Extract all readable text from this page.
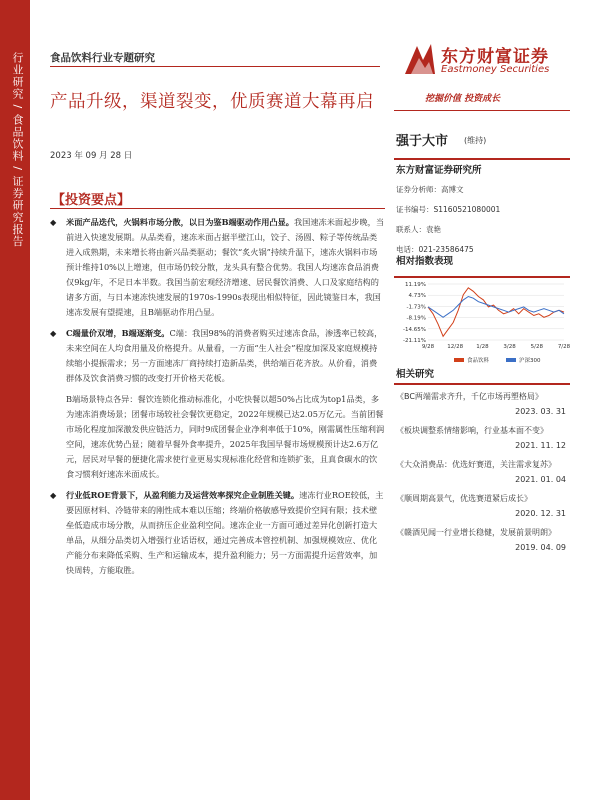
行业研究 / 食品饮料 / 证券研究报告 食品饮料行业专题研究
产品升级，渠道裂变，优质赛道大幕再启
2023 年 09 月 28 日
【投资要点】
◆	米面产品迭代，火锅料市场分散，以日为鉴B端驱动作用凸显。我国速冻米面起步晚，当前进入快速发展期。从品类看，速冻米面占据半壁江山，饺子、汤圆、粽子等传统品类进入成熟期，未来增长将由新兴品类驱动；餐饮“炙火锅”持续升温下，速冻火锅料市场预计维持10%以上增速，但市场仍较分散，龙头具有整合优势。我国人均速冻食品消费仅9kg/年，不足日本半数。我国当前宏观经济增速、居民餐饮消费、人口及家庭结构的诸多方面，与日本速冻快速发展的1970s-1990s表现出相似特征，因此镜鉴日本，我国速冻发展有望提速，且B端驱动作用凸显。
◆	C端量价双增，B端逐渐变。C端：我国98%的消费者购买过速冻食品，渗透率已较高，未来空间在人均食用量及价格提升。从量看，一方面“生人社会”程度加深及家庭规模持续缩小提振需求；另一方面速冻厂商持续打造新品类，供给端百花齐放。从价看，消费群体及饮食消费习惯的改变打开价格天花板。
B端场景特点各异：餐饮连锁化推动标准化，小吃快餐以超50%占比成为top1品类，多为速冻消费场景；团餐市场较社会餐饮更稳定，2022年规模已达2.05万亿元。当前团餐市场化程度加深激发供应链活力，同时9成团餐企业净利率低于10%，刚需属性压缩利润空间，速冻优势凸显；随着早餐外食率提升，2025年我国早餐市场规模预计达2.6万亿元，居民对早餐的便捷化需求使行业更易实现标准化经营和连锁扩张，且真食碳水的饮食习惯利好速冻米面成长。
◆	行业低ROE背景下，从盈利能力及运营效率探究企业制胜关键。速冻行业ROE较低，主要因原材料、冷链带来的刚性成本难以压缩；终端价格敏感导致提价空间有限；技术壁垒低造成市场分散，从而挤压企业盈利空间。速冻企业一方面可通过差异化创新打造大单品，从细分品类切入增强行业话语权，通过完善成本管控机制、加强规模效应、优化产能分布来降低采购、生产和运输成本，提升盈利能力；另一方面需提升运营效率，加快周转，方能取胜。
东方财富证券
Eastmoney Securities
挖掘价值 投资成长
强于大市 (维持)
东方财富证券研究所
证券分析师：高博文
证书编号：S1160521080001
联系人：袁艳
电话：021-23586475
相对指数表现
11.19%
4.73%
-1.73%
-8.19%
-14.65%
-21.11%
9/28 12/28 1/28	3/28	5/28	7/28
食品饮料	沪深300
相关研究
《BC两端需求齐升，千亿市场再塑格局》
2023. 03. 31
《板块调整系情绪影响，行业基本面不变》
2021. 11. 12
《大众消费品：优选好赛道，关注需求复苏》
2021. 01. 04
《顺周期高景气，优选赛道紧后成长》
2020. 12. 31
《赣酒见闻一行业增长稳健，发展前景明朗》
2019. 04. 09
